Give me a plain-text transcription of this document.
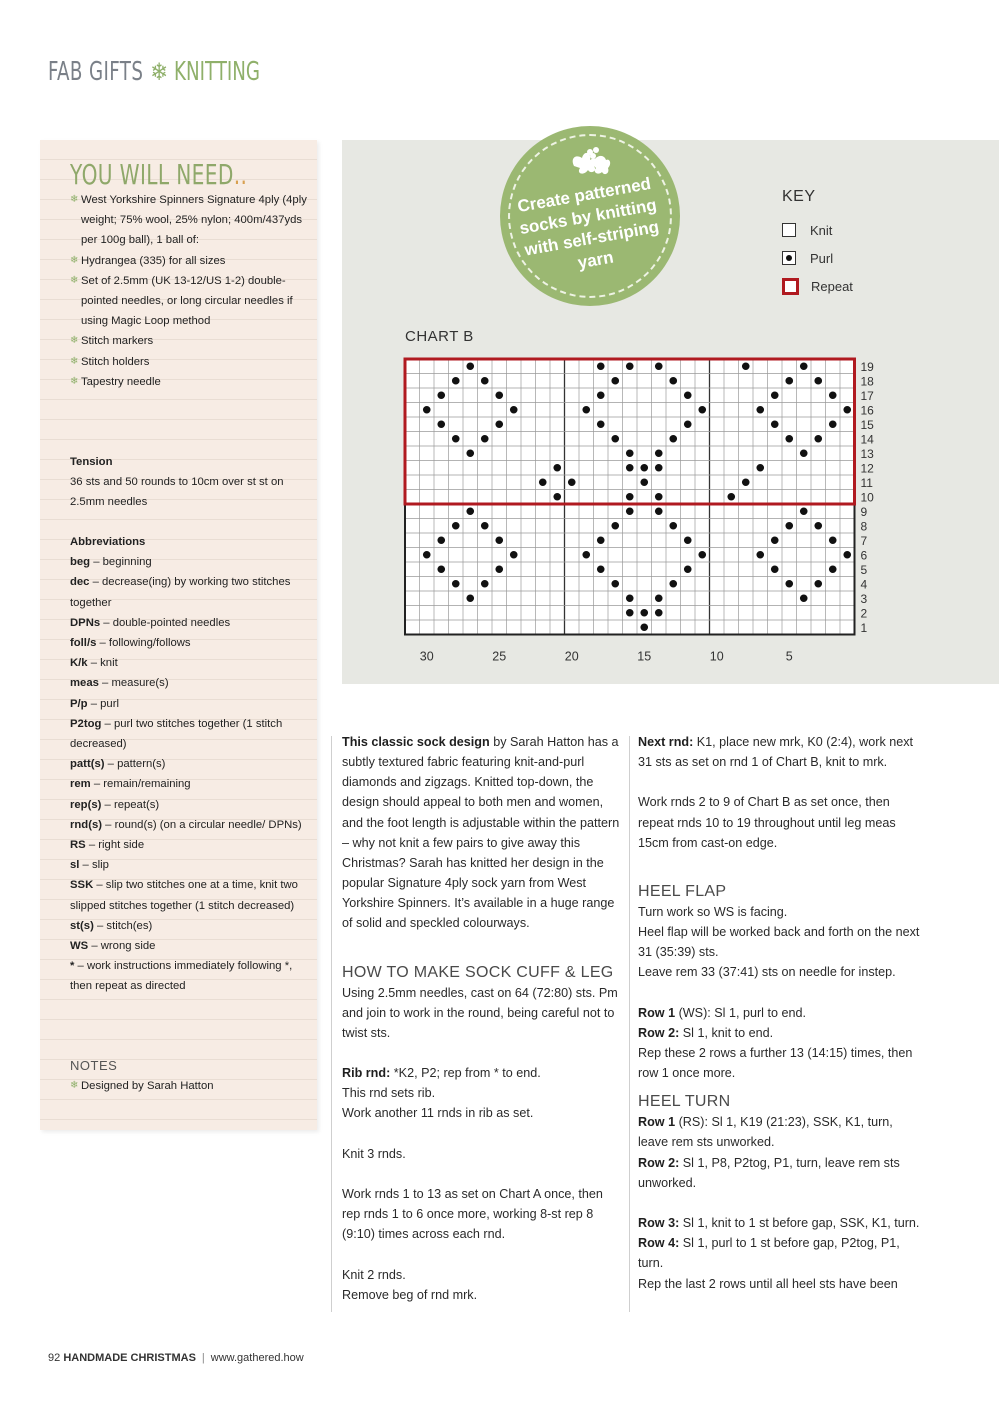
FAB GIFTS ❄ KNITTING
YOU WILL NEED..
❄ West Yorkshire Spinners Signature 4ply (4ply weight; 75% wool, 25% nylon; 400m/437yds per 100g ball), 1 ball of:
❄ Hydrangea (335) for all sizes
❄ Set of 2.5mm (UK 13-12/US 1-2) double-pointed needles, or long circular needles if using Magic Loop method
❄ Stitch markers
❄ Stitch holders
❄ Tapestry needle

Tension

36 sts and 50 rounds to 10cm over st st on 2.5mm needles

Abbreviations

beg – beginning

dec – decrease(ing) by working two stitches together

DPNs – double-pointed needles

foll/s – following/follows

K/k – knit

meas – measure(s)

P/p – purl

P2tog – purl two stitches together (1 stitch decreased)

patt(s) – pattern(s)

rem – remain/remaining

rep(s) – repeat(s)

rnd(s) – round(s) (on a circular needle/ DPNs)

RS – right side

sl – slip

SSK – slip two stitches one at a time, knit two slipped stitches together (1 stitch decreased)

st(s) – stitch(es)

WS – wrong side

* – work instructions immediately following *, then repeat as directed

NOTES
❄ Designed by Sarah Hatton
Create patterned socks by knitting with self-striping yarn
KEY
Knit
Purl
Repeat
CHART B
19
18
17
16
15
14
13
12
11
10
9
8
7
6
5
4
3
2
1
30	25	20	15	10	5

This classic sock design by Sarah Hatton has a subtly textured fabric featuring knit-and-purl diamonds and zigzags. Knitted top-down, the design should appeal to both men and women, and the foot length is adjustable within the pattern – why not knit a few pairs to give away this Christmas? Sarah has knitted her design in the popular Signature 4ply sock yarn from West Yorkshire Spinners. It’s available in a huge range of solid and speckled colourways.

HOW TO MAKE SOCK CUFF & LEG

Using 2.5mm needles, cast on 64 (72:80) sts. Pm and join to work in the round, being careful not to twist sts.

Rib rnd: *K2, P2; rep from * to end.

This rnd sets rib.

Work another 11 rnds in rib as set.

Knit 3 rnds.

Work rnds 1 to 13 as set on Chart A once, then rep rnds 1 to 6 once more, working 8-st rep 8 (9:10) times across each rnd.

Knit 2 rnds.

Remove beg of rnd mrk.

Next rnd: K1, place new mrk, K0 (2:4), work next 31 sts as set on rnd 1 of Chart B, knit to mrk.

Work rnds 2 to 9 of Chart B as set once, then repeat rnds 10 to 19 throughout until leg meas 15cm from cast-on edge.

HEEL FLAP

Turn work so WS is facing.

Heel flap will be worked back and forth on the next 31 (35:39) sts.

Leave rem 33 (37:41) sts on needle for instep.

Row 1 (WS): Sl 1, purl to end.

Row 2: Sl 1, knit to end.

Rep these 2 rows a further 13 (14:15) times, then row 1 once more.

HEEL TURN

Row 1 (RS): Sl 1, K19 (21:23), SSK, K1, turn, leave rem sts unworked.

Row 2: Sl 1, P8, P2tog, P1, turn, leave rem sts unworked.

Row 3: Sl 1, knit to 1 st before gap, SSK, K1, turn.

Row 4: Sl 1, purl to 1 st before gap, P2tog, P1, turn.

Rep the last 2 rows until all heel sts have been

92 HANDMADE CHRISTMAS | www.gathered.how
